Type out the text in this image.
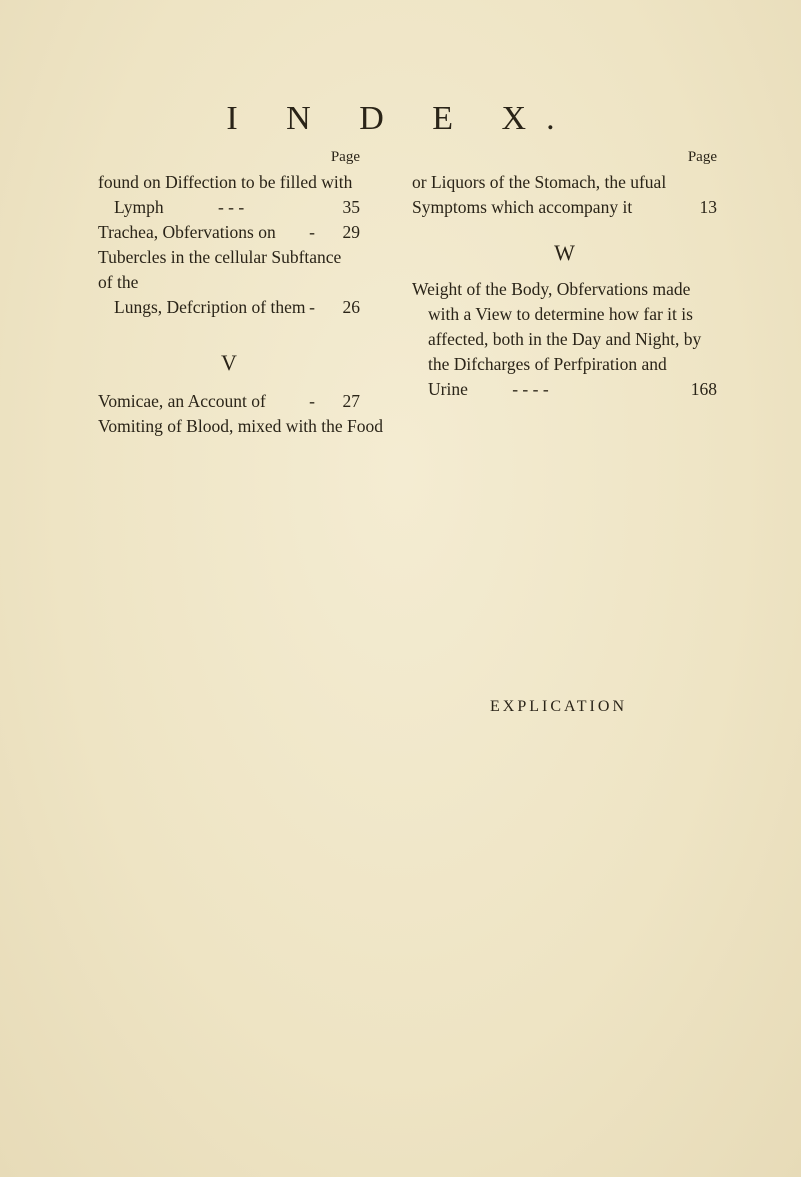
I N D E X.
Page
found on Diffection to be filled with
Lymph	- - -	35
Trachea, Obfervations on - 29
Tubercles in the cellular Subftance of the
Lungs, Defcription of them - 26
V
Vomicae, an Account of - 27
Vomiting of Blood, mixed with the Food
Page
or Liquors of the Stomach, the ufual
Symptoms which accompany it	13
W
Weight of the Body, Obfervations made
with a View to determine how far it is
affected, both in the Day and Night, by
the Difcharges of Perfpiration and
Urine	- - - -	168
EXPLICATION
